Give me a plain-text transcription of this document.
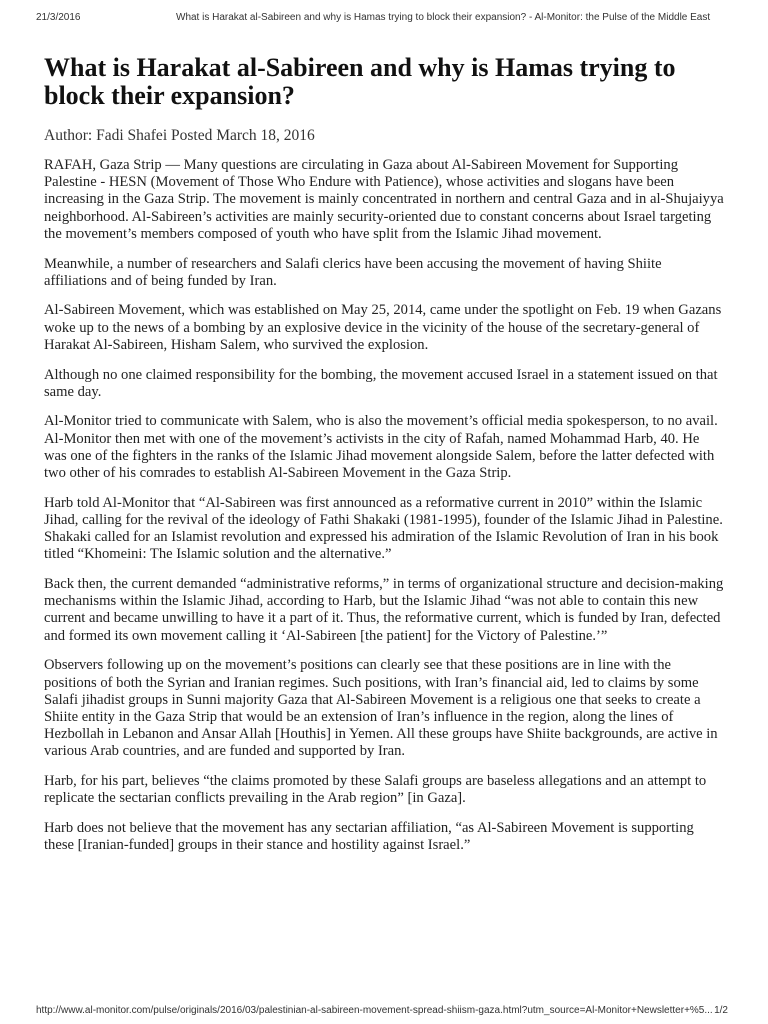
21/3/2016	What is Harakat al-Sabireen and why is Hamas trying to block their expansion? - Al-Monitor: the Pulse of the Middle East
What is Harakat al-Sabireen and why is Hamas trying to block their expansion?
Author: Fadi Shafei Posted March 18, 2016

RAFAH, Gaza Strip — Many questions are circulating in Gaza about Al-Sabireen Movement for Supporting Palestine - HESN (Movement of Those Who Endure with Patience), whose activities and slogans have been increasing in the Gaza Strip. The movement is mainly concentrated in northern and central Gaza and in al-Shujaiyya neighborhood. Al-Sabireen’s activities are mainly security-oriented due to constant concerns about Israel targeting the movement’s members composed of youth who have split from the Islamic Jihad movement.

Meanwhile, a number of researchers and Salafi clerics have been accusing the movement of having Shiite affiliations and of being funded by Iran.

Al-Sabireen Movement, which was established on May 25, 2014, came under the spotlight on Feb. 19 when Gazans woke up to the news of a bombing by an explosive device in the vicinity of the house of the secretary-general of Harakat Al-Sabireen, Hisham Salem, who survived the explosion.

Although no one claimed responsibility for the bombing, the movement accused Israel in a statement issued on that same day.

Al-Monitor tried to communicate with Salem, who is also the movement’s official media spokesperson, to no avail. Al-Monitor then met with one of the movement’s activists in the city of Rafah, named Mohammad Harb, 40. He was one of the fighters in the ranks of the Islamic Jihad movement alongside Salem, before the latter defected with two other of his comrades to establish Al-Sabireen Movement in the Gaza Strip.

Harb told Al-Monitor that “Al-Sabireen was first announced as a reformative current in 2010” within the Islamic Jihad, calling for the revival of the ideology of Fathi Shakaki (1981-1995), founder of the Islamic Jihad in Palestine. Shakaki called for an Islamist revolution and expressed his admiration of the Islamic Revolution of Iran in his book titled “Khomeini: The Islamic solution and the alternative.”

Back then, the current demanded “administrative reforms,” in terms of organizational structure and decision-making mechanisms within the Islamic Jihad, according to Harb, but the Islamic Jihad “was not able to contain this new current and became unwilling to have it a part of it. Thus, the reformative current, which is funded by Iran, defected and formed its own movement calling it ‘Al-Sabireen [the patient] for the Victory of Palestine.’”

Observers following up on the movement’s positions can clearly see that these positions are in line with the positions of both the Syrian and Iranian regimes. Such positions, with Iran’s financial aid, led to claims by some Salafi jihadist groups in Sunni majority Gaza that Al-Sabireen Movement is a religious one that seeks to create a Shiite entity in the Gaza Strip that would be an extension of Iran’s influence in the region, along the lines of Hezbollah in Lebanon and Ansar Allah [Houthis] in Yemen. All these groups have Shiite backgrounds, are active in various Arab countries, and are funded and supported by Iran.

Harb, for his part, believes “the claims promoted by these Salafi groups are baseless allegations and an attempt to replicate the sectarian conflicts prevailing in the Arab region” [in Gaza].

Harb does not believe that the movement has any sectarian affiliation, “as Al-Sabireen Movement is supporting these [Iranian-funded] groups in their stance and hostility against Israel.”

http://www.al-monitor.com/pulse/originals/2016/03/palestinian-al-sabireen-movement-spread-shiism-gaza.html?utm_source=Al-Monitor+Newsletter+%5... 1/2
